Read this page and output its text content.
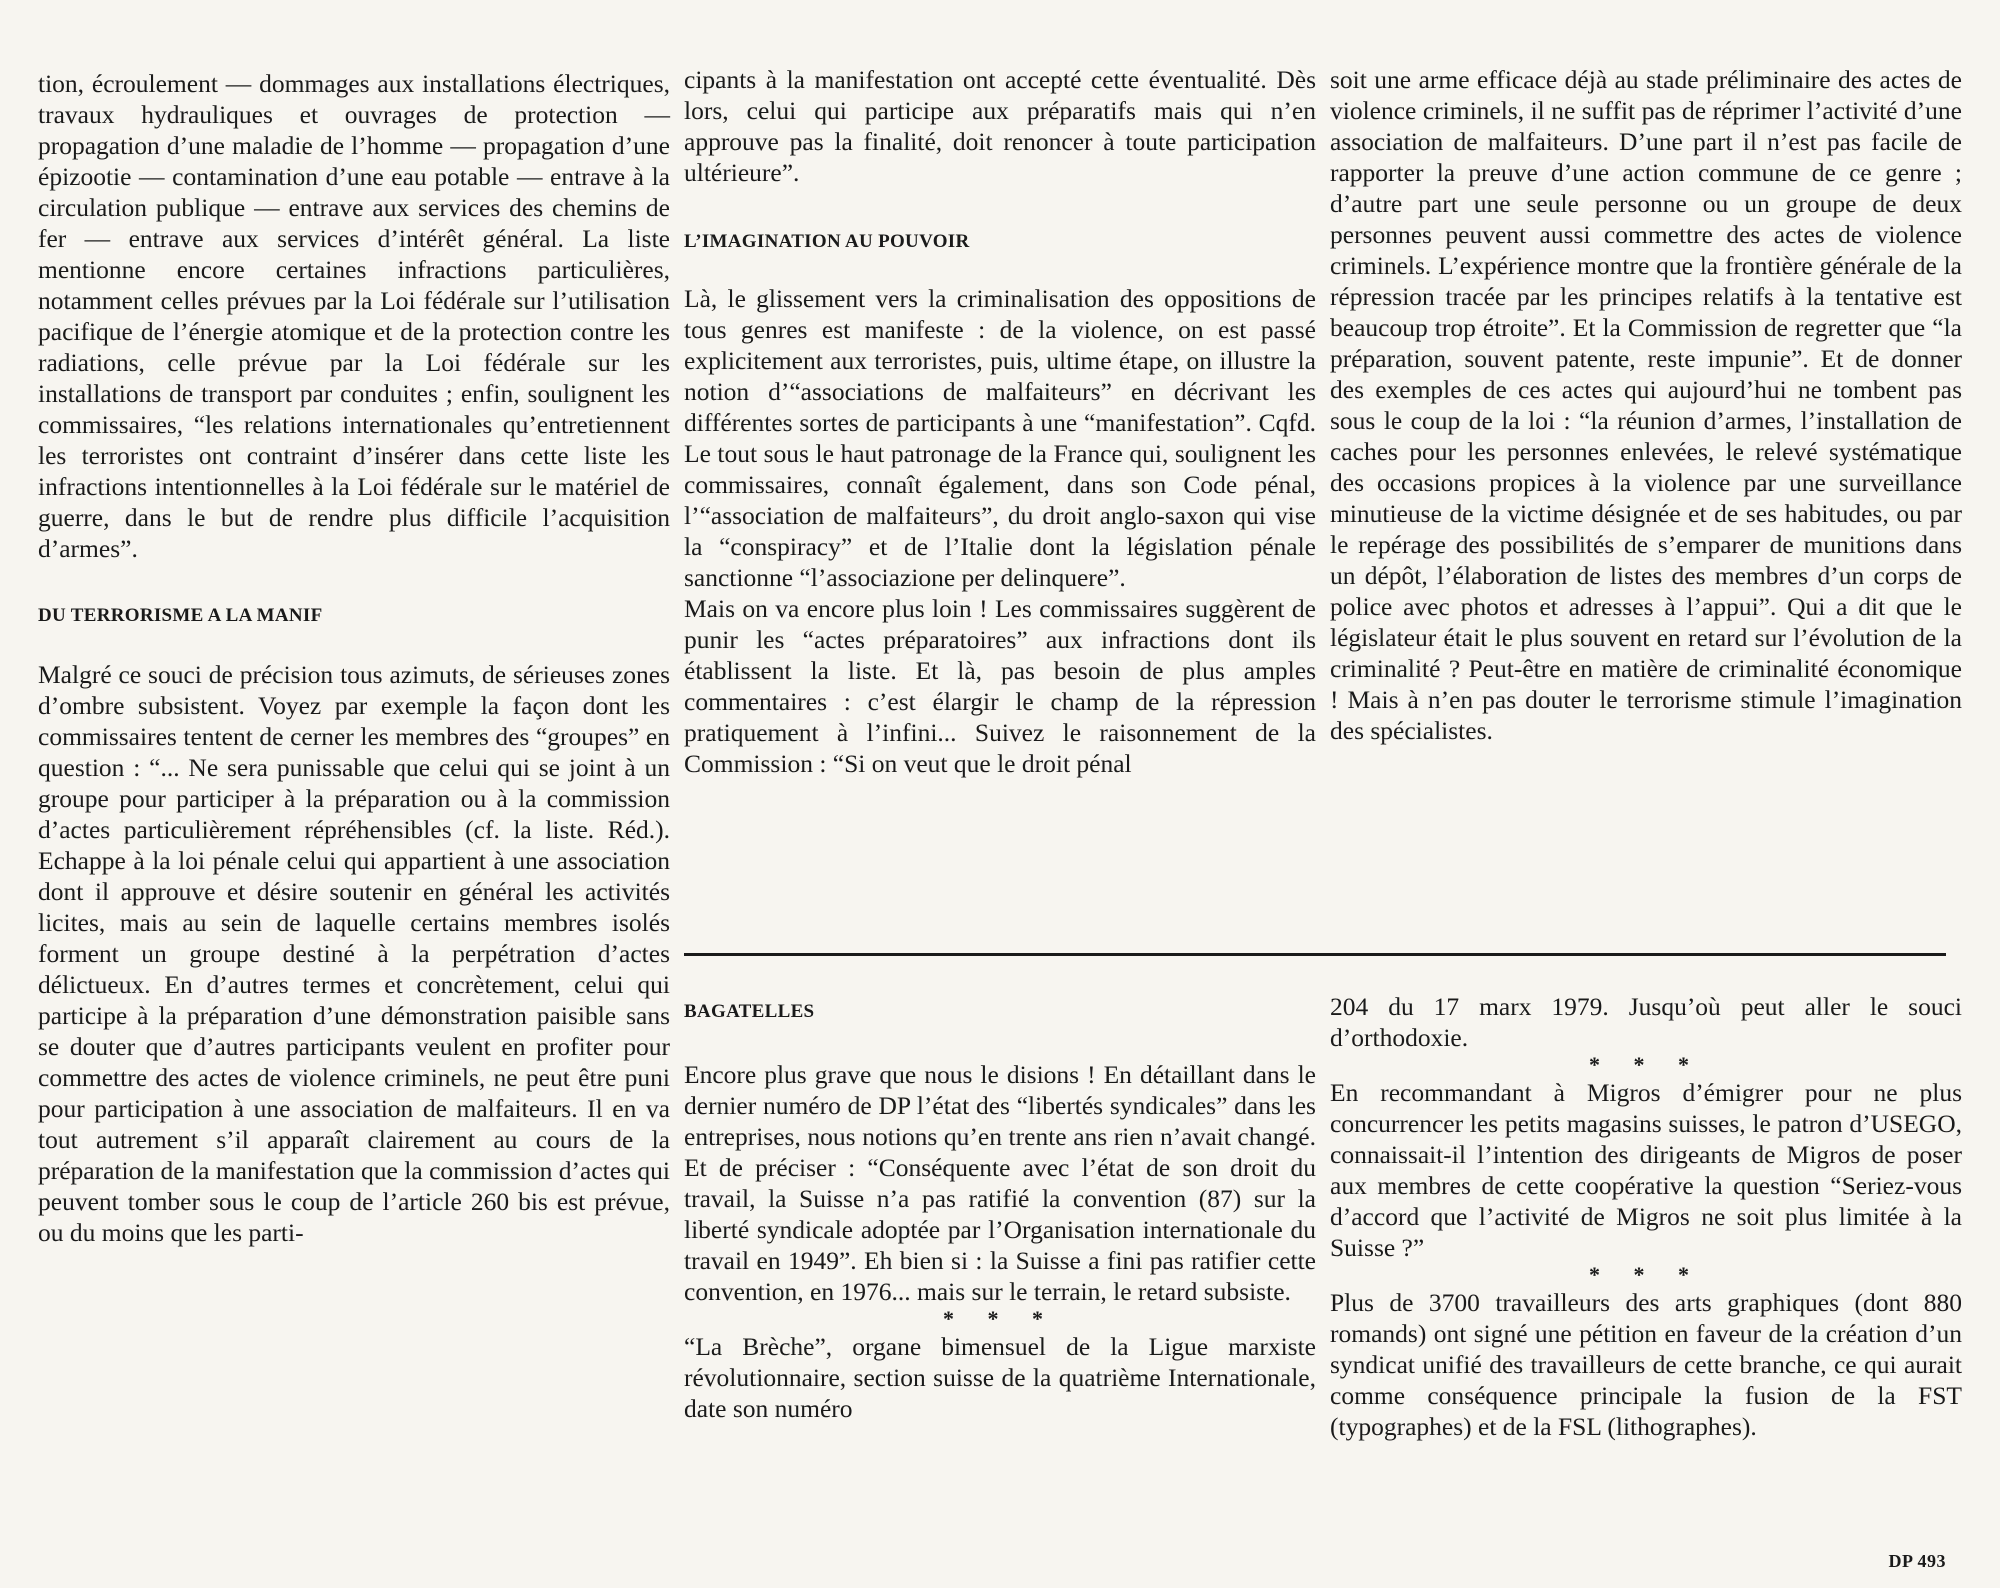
tion, écroulement — dommages aux installations électriques, travaux hydrauliques et ouvrages de protection — propagation d’une maladie de l’homme — propagation d’une épizootie — contamination d’une eau potable — entrave à la circulation publique — entrave aux services des chemins de fer — entrave aux services d’intérêt général. La liste mentionne encore certaines infractions particulières, notamment celles prévues par la Loi fédérale sur l’utilisation pacifique de l’énergie atomique et de la protection contre les radiations, celle prévue par la Loi fédérale sur les installations de transport par conduites ; enfin, soulignent les commissaires, “les relations internationales qu’entretiennent les terroristes ont contraint d’insérer dans cette liste les infractions intentionnelles à la Loi fédérale sur le matériel de guerre, dans le but de rendre plus difficile l’acquisition d’armes”.

DU TERRORISME A LA MANIF

Malgré ce souci de précision tous azimuts, de sérieuses zones d’ombre subsistent. Voyez par exemple la façon dont les commissaires tentent de cerner les membres des “groupes” en question : “... Ne sera punissable que celui qui se joint à un groupe pour participer à la préparation ou à la commission d’actes particulièrement répréhensibles (cf. la liste. Réd.). Echappe à la loi pénale celui qui appartient à une association dont il approuve et désire soutenir en général les activités licites, mais au sein de laquelle certains membres isolés forment un groupe destiné à la perpétration d’actes délictueux. En d’autres termes et concrètement, celui qui participe à la préparation d’une démonstration paisible sans se douter que d’autres participants veulent en profiter pour commettre des actes de violence criminels, ne peut être puni pour participation à une association de malfaiteurs. Il en va tout autrement s’il apparaît clairement au cours de la préparation de la manifestation que la commission d’actes qui peuvent tomber sous le coup de l’article 260 bis est prévue, ou du moins que les parti-

cipants à la manifestation ont accepté cette éventualité. Dès lors, celui qui participe aux préparatifs mais qui n’en approuve pas la finalité, doit renoncer à toute participation ultérieure”.

L’IMAGINATION AU POUVOIR

Là, le glissement vers la criminalisation des oppositions de tous genres est manifeste : de la violence, on est passé explicitement aux terroristes, puis, ultime étape, on illustre la notion d’“associations de malfaiteurs” en décrivant les différentes sortes de participants à une “manifestation”. Cqfd. Le tout sous le haut patronage de la France qui, soulignent les commissaires, connaît également, dans son Code pénal, l’“association de malfaiteurs”, du droit anglo-saxon qui vise la “conspiracy” et de l’Italie dont la législation pénale sanctionne “l’associazione per delinquere”.

Mais on va encore plus loin ! Les commissaires suggèrent de punir les “actes préparatoires” aux infractions dont ils établissent la liste. Et là, pas besoin de plus amples commentaires : c’est élargir le champ de la répression pratiquement à l’infini... Suivez le raisonnement de la Commission : “Si on veut que le droit pénal

soit une arme efficace déjà au stade préliminaire des actes de violence criminels, il ne suffit pas de réprimer l’activité d’une association de malfaiteurs. D’une part il n’est pas facile de rapporter la preuve d’une action commune de ce genre ; d’autre part une seule personne ou un groupe de deux personnes peuvent aussi commettre des actes de violence criminels. L’expérience montre que la frontière générale de la répression tracée par les principes relatifs à la tentative est beaucoup trop étroite”. Et la Commission de regretter que “la préparation, souvent patente, reste impunie”. Et de donner des exemples de ces actes qui aujourd’hui ne tombent pas sous le coup de la loi : “la réunion d’armes, l’installation de caches pour les personnes enlevées, le relevé systématique des occasions propices à la violence par une surveillance minutieuse de la victime désignée et de ses habitudes, ou par le repérage des possibilités de s’emparer de munitions dans un dépôt, l’élaboration de listes des membres d’un corps de police avec photos et adresses à l’appui”. Qui a dit que le législateur était le plus souvent en retard sur l’évolution de la criminalité ? Peut-être en matière de criminalité économique ! Mais à n’en pas douter le terrorisme stimule l’imagination des spécialistes.

BAGATELLES

Encore plus grave que nous le disions ! En détaillant dans le dernier numéro de DP l’état des “libertés syndicales” dans les entreprises, nous notions qu’en trente ans rien n’avait changé. Et de préciser : “Conséquente avec l’état de son droit du travail, la Suisse n’a pas ratifié la convention (87) sur la liberté syndicale adoptée par l’Organisation internationale du travail en 1949”. Eh bien si : la Suisse a fini pas ratifier cette convention, en 1976... mais sur le terrain, le retard subsiste.

* * *

“La Brèche”, organe bimensuel de la Ligue marxiste révolutionnaire, section suisse de la quatrième Internationale, date son numéro

204 du 17 marx 1979. Jusqu’où peut aller le souci d’orthodoxie.

* * *

En recommandant à Migros d’émigrer pour ne plus concurrencer les petits magasins suisses, le patron d’USEGO, connaissait-il l’intention des dirigeants de Migros de poser aux membres de cette coopérative la question “Seriez-vous d’accord que l’activité de Migros ne soit plus limitée à la Suisse ?”

* * *

Plus de 3700 travailleurs des arts graphiques (dont 880 romands) ont signé une pétition en faveur de la création d’un syndicat unifié des travailleurs de cette branche, ce qui aurait comme conséquence principale la fusion de la FST (typographes) et de la FSL (lithographes).

DP 493
